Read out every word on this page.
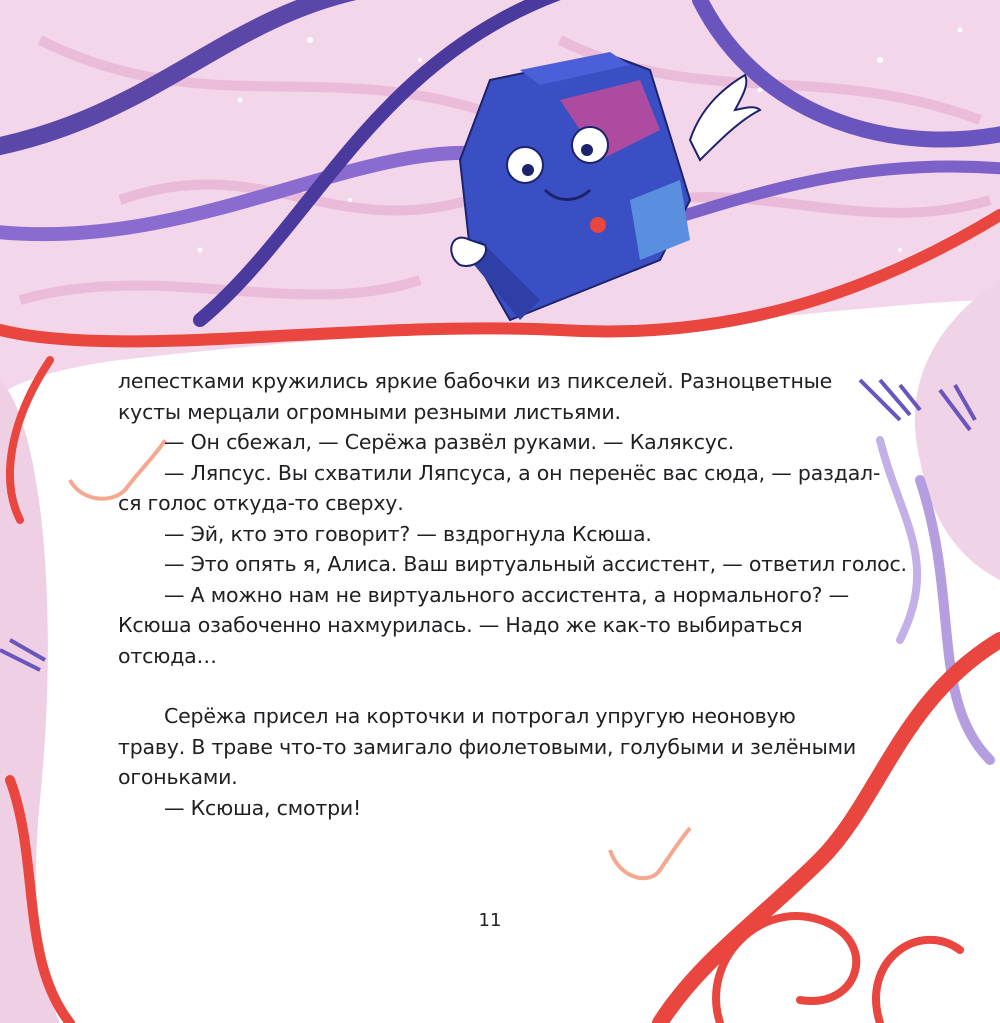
лепестками кружились яркие бабочки из пикселей. Разноцветные

кусты мерцали огромными резными листьями.

— Он сбежал, — Серёжа развёл руками. — Каляксус.

— Ляпсус. Вы схватили Ляпсуса, а он перенёс вас сюда, — раздал-

ся голос откуда-то сверху.

— Эй, кто это говорит? — вздрогнула Ксюша.

— Это опять я, Алиса. Ваш виртуальный ассистент, — ответил голос.

— А можно нам не виртуального ассистента, а нормального? —

Ксюша озабоченно нахмурилась. — Надо же как-то выбираться

отсюда…

Серёжа присел на корточки и потрогал упругую неоновую

траву. В траве что-то замигало фиолетовыми, голубыми и зелёными

огоньками.

— Ксюша, смотри!

11
